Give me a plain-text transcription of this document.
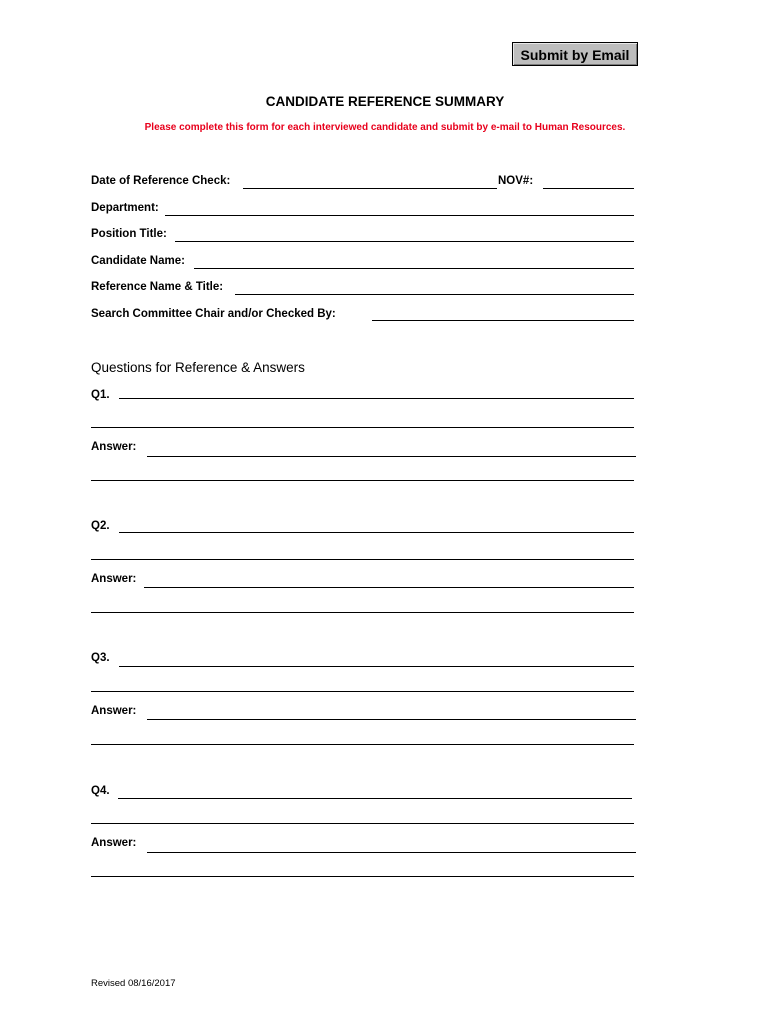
Submit by Email
CANDIDATE REFERENCE SUMMARY
Please complete this form for each interviewed candidate and submit by e-mail to Human Resources.
Date of Reference Check:	NOV#:
Department:
Position Title:
Candidate Name:
Reference Name & Title:
Search Committee Chair and/or Checked By:
Questions for Reference & Answers
Q1.
Answer:
Q2.
Answer:
Q3.
Answer:
Q4.
Answer:
Revised 08/16/2017
